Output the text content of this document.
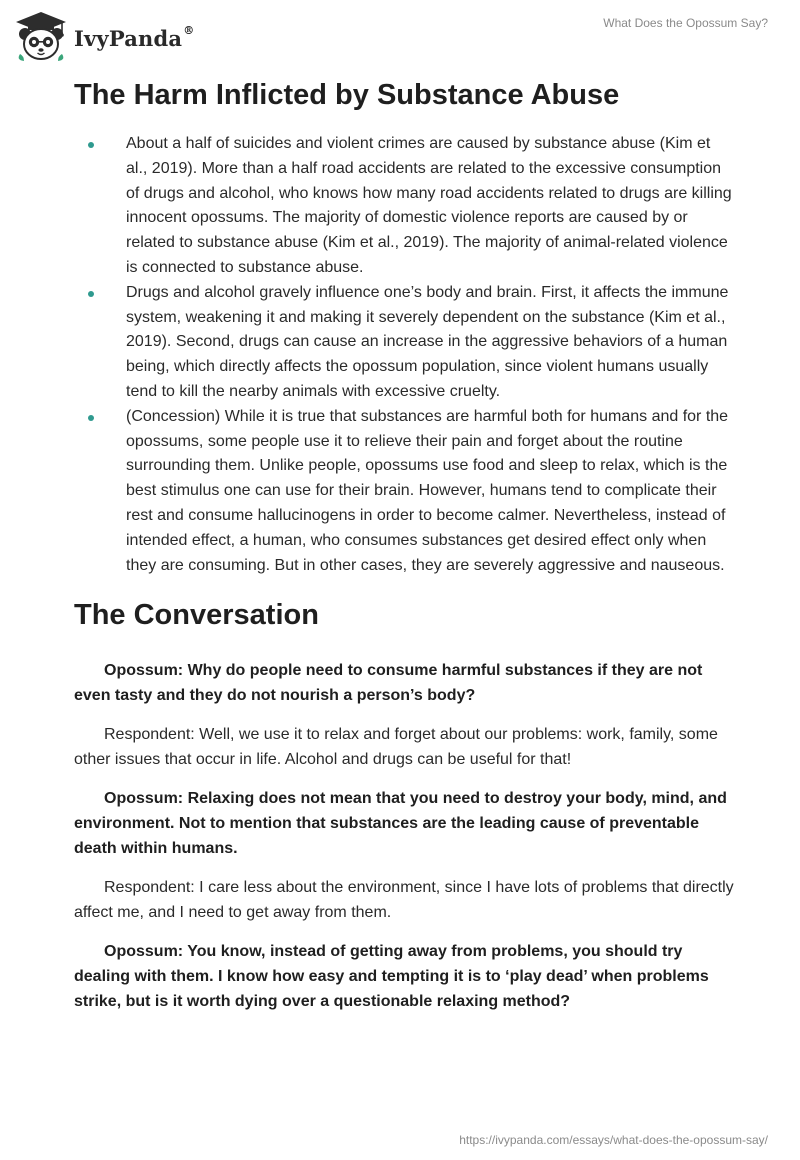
IvyPanda®	What Does the Opossum Say?
The Harm Inflicted by Substance Abuse
About a half of suicides and violent crimes are caused by substance abuse (Kim et al., 2019). More than a half road accidents are related to the excessive consumption of drugs and alcohol, who knows how many road accidents related to drugs are killing innocent opossums. The majority of domestic violence reports are caused by or related to substance abuse (Kim et al., 2019). The majority of animal-related violence is connected to substance abuse.
Drugs and alcohol gravely influence one’s body and brain. First, it affects the immune system, weakening it and making it severely dependent on the substance (Kim et al., 2019). Second, drugs can cause an increase in the aggressive behaviors of a human being, which directly affects the opossum population, since violent humans usually tend to kill the nearby animals with excessive cruelty.
(Concession) While it is true that substances are harmful both for humans and for the opossums, some people use it to relieve their pain and forget about the routine surrounding them. Unlike people, opossums use food and sleep to relax, which is the best stimulus one can use for their brain. However, humans tend to complicate their rest and consume hallucinogens in order to become calmer. Nevertheless, instead of intended effect, a human, who consumes substances get desired effect only when they are consuming. But in other cases, they are severely aggressive and nauseous.
The Conversation

Opossum: Why do people need to consume harmful substances if they are not even tasty and they do not nourish a person’s body?

Respondent: Well, we use it to relax and forget about our problems: work, family, some other issues that occur in life. Alcohol and drugs can be useful for that!

Opossum: Relaxing does not mean that you need to destroy your body, mind, and environment. Not to mention that substances are the leading cause of preventable death within humans.

Respondent: I care less about the environment, since I have lots of problems that directly affect me, and I need to get away from them.

Opossum: You know, instead of getting away from problems, you should try dealing with them. I know how easy and tempting it is to ‘play dead’ when problems strike, but is it worth dying over a questionable relaxing method?

https://ivypanda.com/essays/what-does-the-opossum-say/
